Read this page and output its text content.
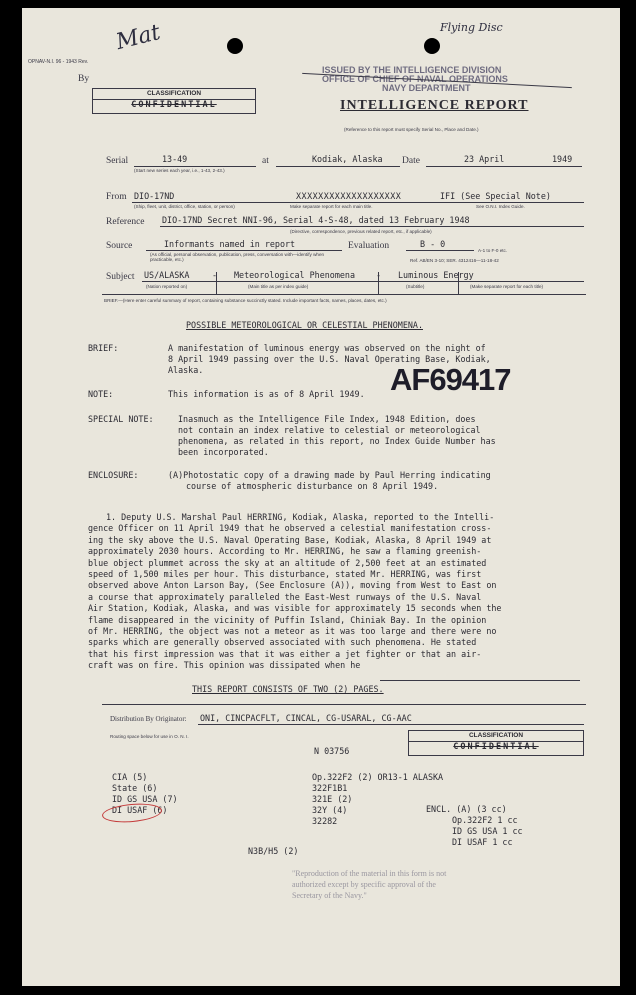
OPNAV-N.I. 96 - 1943 Rev.
Mat	Flying Disc
By
CLASSIFICATION
CONFIDENTIAL
ISSUED BY THE INTELLIGENCE DIVISION
OFFICE OF CHIEF OF NAVAL OPERATIONS
NAVY DEPARTMENT
INTELLIGENCE REPORT
(Reference to this report must specify Serial No., Place and Date.)
Serial	13-49
(Start new series each year, i.e., 1-43, 2-43.)
at	Kodiak, Alaska Date	23 April	1949
From DIO-17ND	XXXXXXXXXXXXXXXXXXX	IFI (See Special Note)
(Ship, fleet, unit, district, office, station, or person)	Make separate report for each main title.	See O.N.I. Index Guide.
Reference DIO-17ND Secret NNI-96, Serial 4-S-48, dated 13 February 1948
(Directive, correspondence, previous related report, etc., if applicable)
Source	Informants named in report
(As official, personal observation, publication, press, conversation with—identify when practicable, etc.)
Evaluation	B - 0
A-1 to F-0 etc.
Ref. AB/EN 3-10; SER. 4312416—11-18-42
Subject US/ALASKA	- Meteorological Phenomena - Luminous Energy
(Nation reported on)	(Main title as per index guide)	(Subtitle)	(Make separate report for each title)
BRIEF.—(Here enter careful summary of report, containing substance succinctly stated. Include important facts, names, places, dates, etc.)
POSSIBLE METEOROLOGICAL OR CELESTIAL PHENOMENA.
BRIEF:	A manifestation of luminous energy was observed on the night of
8 April 1949 passing over the U.S. Naval Operating Base, Kodiak,
Alaska.
NOTE:	This information is as of 8 April 1949. AF69417
SPECIAL NOTE:	Inasmuch as the Intelligence File Index, 1948 Edition, does
not contain an index relative to celestial or meteorological
phenomena, as related in this report, no Index Guide Number has
been incorporated.
ENCLOSURE:	(A)Photostatic copy of a drawing made by Paul Herring indicating
course of atmospheric disturbance on 8 April 1949.
1. Deputy U.S. Marshal Paul HERRING, Kodiak, Alaska, reported to the Intelli-
gence Officer on 11 April 1949 that he observed a celestial manifestation cross-
ing the sky above the U.S. Naval Operating Base, Kodiak, Alaska, 8 April 1949 at
approximately 2030 hours. According to Mr. HERRING, he saw a flaming greenish-
blue object plummet across the sky at an altitude of 2,500 feet at an estimated
speed of 1,500 miles per hour. This disturbance, stated Mr. HERRING, was first
observed above Anton Larson Bay, (See Enclosure (A)), moving from West to East on
a course that approximately paralleled the East-West runways of the U.S. Naval
Air Station, Kodiak, Alaska, and was visible for approximately 15 seconds when the
flame disappeared in the vicinity of Puffin Island, Chiniak Bay. In the opinion
of Mr. HERRING, the object was not a meteor as it was too large and there were no
sparks which are generally observed associated with such phenomena. He stated
that his first impression was that it was either a jet fighter or that an air-
craft was on fire. This opinion was dissipated when he
THIS REPORT CONSISTS OF TWO (2) PAGES.
Distribution By Originator: ONI, CINCPACFLT, CINCAL, CG-USARAL, CG-AAC
Routing space below for use in O. N. I.	CLASSIFICATION
CONFIDENTIAL
N 03756
CIA (5)
State (6)
ID GS USA (7)
DI USAF (6)
Op.322F2 (2) OR13-1 ALASKA
322F1B1
321E (2)
32Y (4)
32282
ENCL. (A) (3 cc)
Op.322F2 1 cc
ID GS USA 1 cc
DI USAF 1 cc
N3B/H5 (2)
"Reproduction of the material in this form is not
authorized except by specific approval of the
Secretary of the Navy."
